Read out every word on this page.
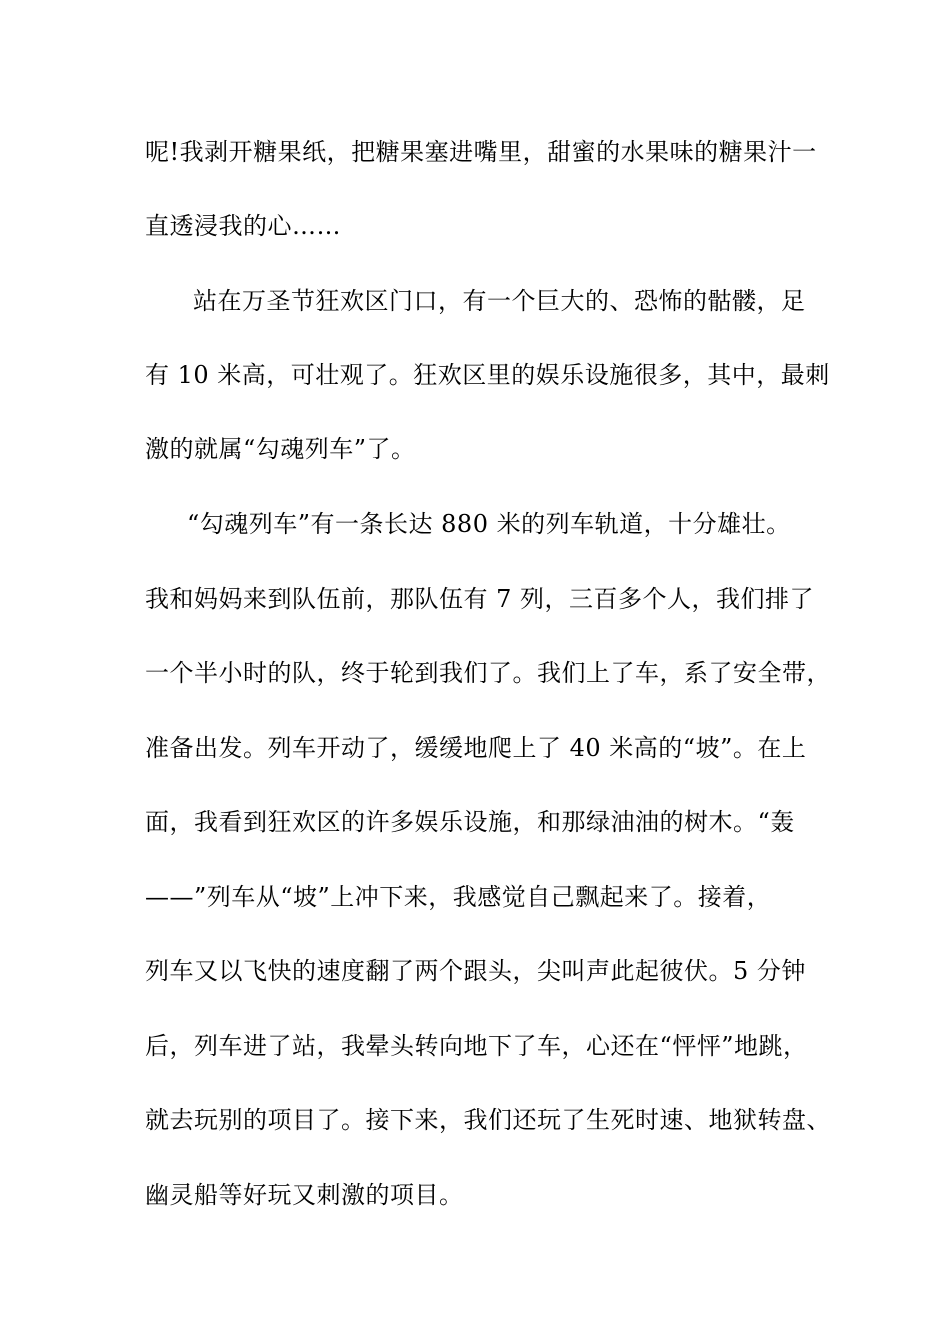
呢!我剥开糖果纸，把糖果塞进嘴里，甜蜜的水果味的糖果汁一
直透浸我的心……
站在万圣节狂欢区门口，有一个巨大的、恐怖的骷髅，足
有 10 米高，可壮观了。狂欢区里的娱乐设施很多，其中，最刺
激的就属“勾魂列车”了。
“勾魂列车”有一条长达 880 米的列车轨道，十分雄壮。
我和妈妈来到队伍前，那队伍有 7 列，三百多个人，我们排了
一个半小时的队，终于轮到我们了。我们上了车，系了安全带，
准备出发。列车开动了，缓缓地爬上了 40 米高的“坡”。在上
面，我看到狂欢区的许多娱乐设施，和那绿油油的树木。“轰
——”列车从“坡”上冲下来，我感觉自己飘起来了。接着，
列车又以飞快的速度翻了两个跟头，尖叫声此起彼伏。5 分钟
后，列车进了站，我晕头转向地下了车，心还在“怦怦”地跳，
就去玩别的项目了。接下来，我们还玩了生死时速、地狱转盘、
幽灵船等好玩又刺激的项目。
